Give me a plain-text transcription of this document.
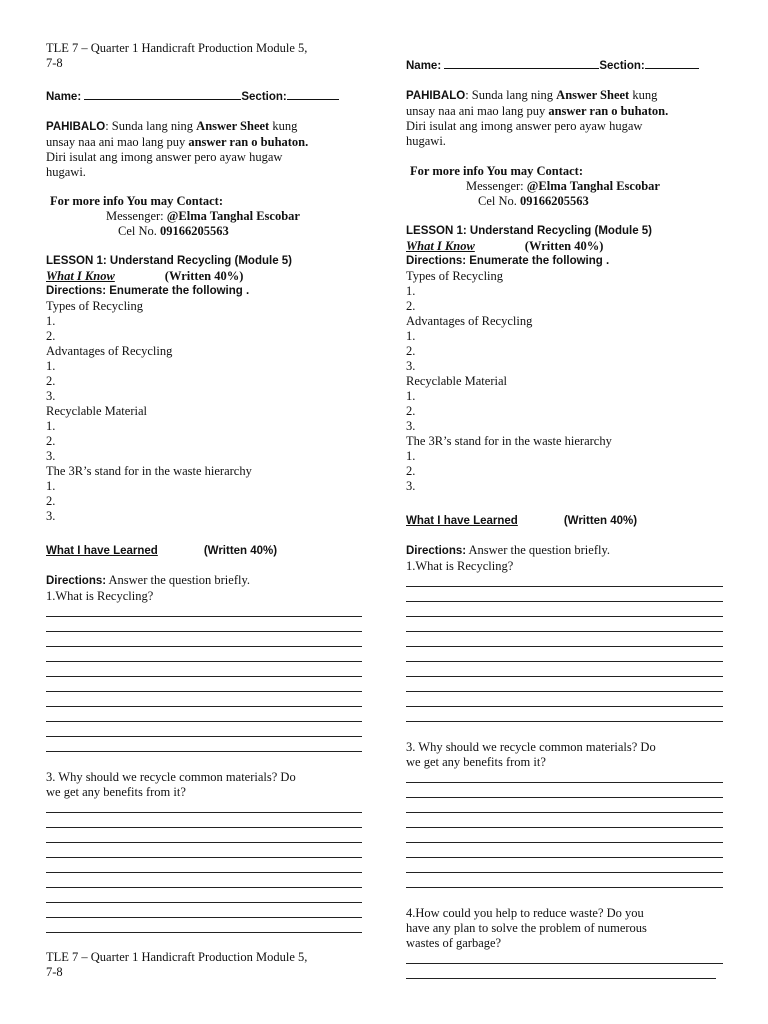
TLE 7 – Quarter 1 Handicraft Production Module 5,
7-8
Name:	Section:
PAHIBALO: Sunda lang ning Answer Sheet kung
unsay naa ani mao lang puy answer ran o buhaton.
Diri isulat ang imong answer pero ayaw hugaw
hugawi.
For more info You may Contact:
Messenger: @Elma Tanghal Escobar
Cel No. 09166205563
LESSON 1: Understand Recycling (Module 5)
What I Know	(Written 40%)
Directions: Enumerate the following .
Types of Recycling
1.
2.
Advantages of Recycling
1.
2.
3.
Recyclable Material
1.
2.
3.
The 3R’s stand for in the waste hierarchy
1.
2.
3.
What I have Learned	(Written 40%)
Directions: Answer the question briefly.
1.What is Recycling?
3. Why should we recycle common materials? Do
we get any benefits from it?
TLE 7 – Quarter 1 Handicraft Production Module 5,
7-8
Name:	Section:
PAHIBALO: Sunda lang ning Answer Sheet kung
unsay naa ani mao lang puy answer ran o buhaton.
Diri isulat ang imong answer pero ayaw hugaw
hugawi.
For more info You may Contact:
Messenger: @Elma Tanghal Escobar
Cel No. 09166205563
LESSON 1: Understand Recycling (Module 5)
What I Know	(Written 40%)
Directions: Enumerate the following .
Types of Recycling
1.
2.
Advantages of Recycling
1.
2.
3.
Recyclable Material
1.
2.
3.
The 3R’s stand for in the waste hierarchy
1.
2.
3.
What I have Learned	(Written 40%)
Directions: Answer the question briefly.
1.What is Recycling?
3. Why should we recycle common materials? Do
we get any benefits from it?
4.How could you help to reduce waste? Do you
have any plan to solve the problem of numerous
wastes of garbage?
